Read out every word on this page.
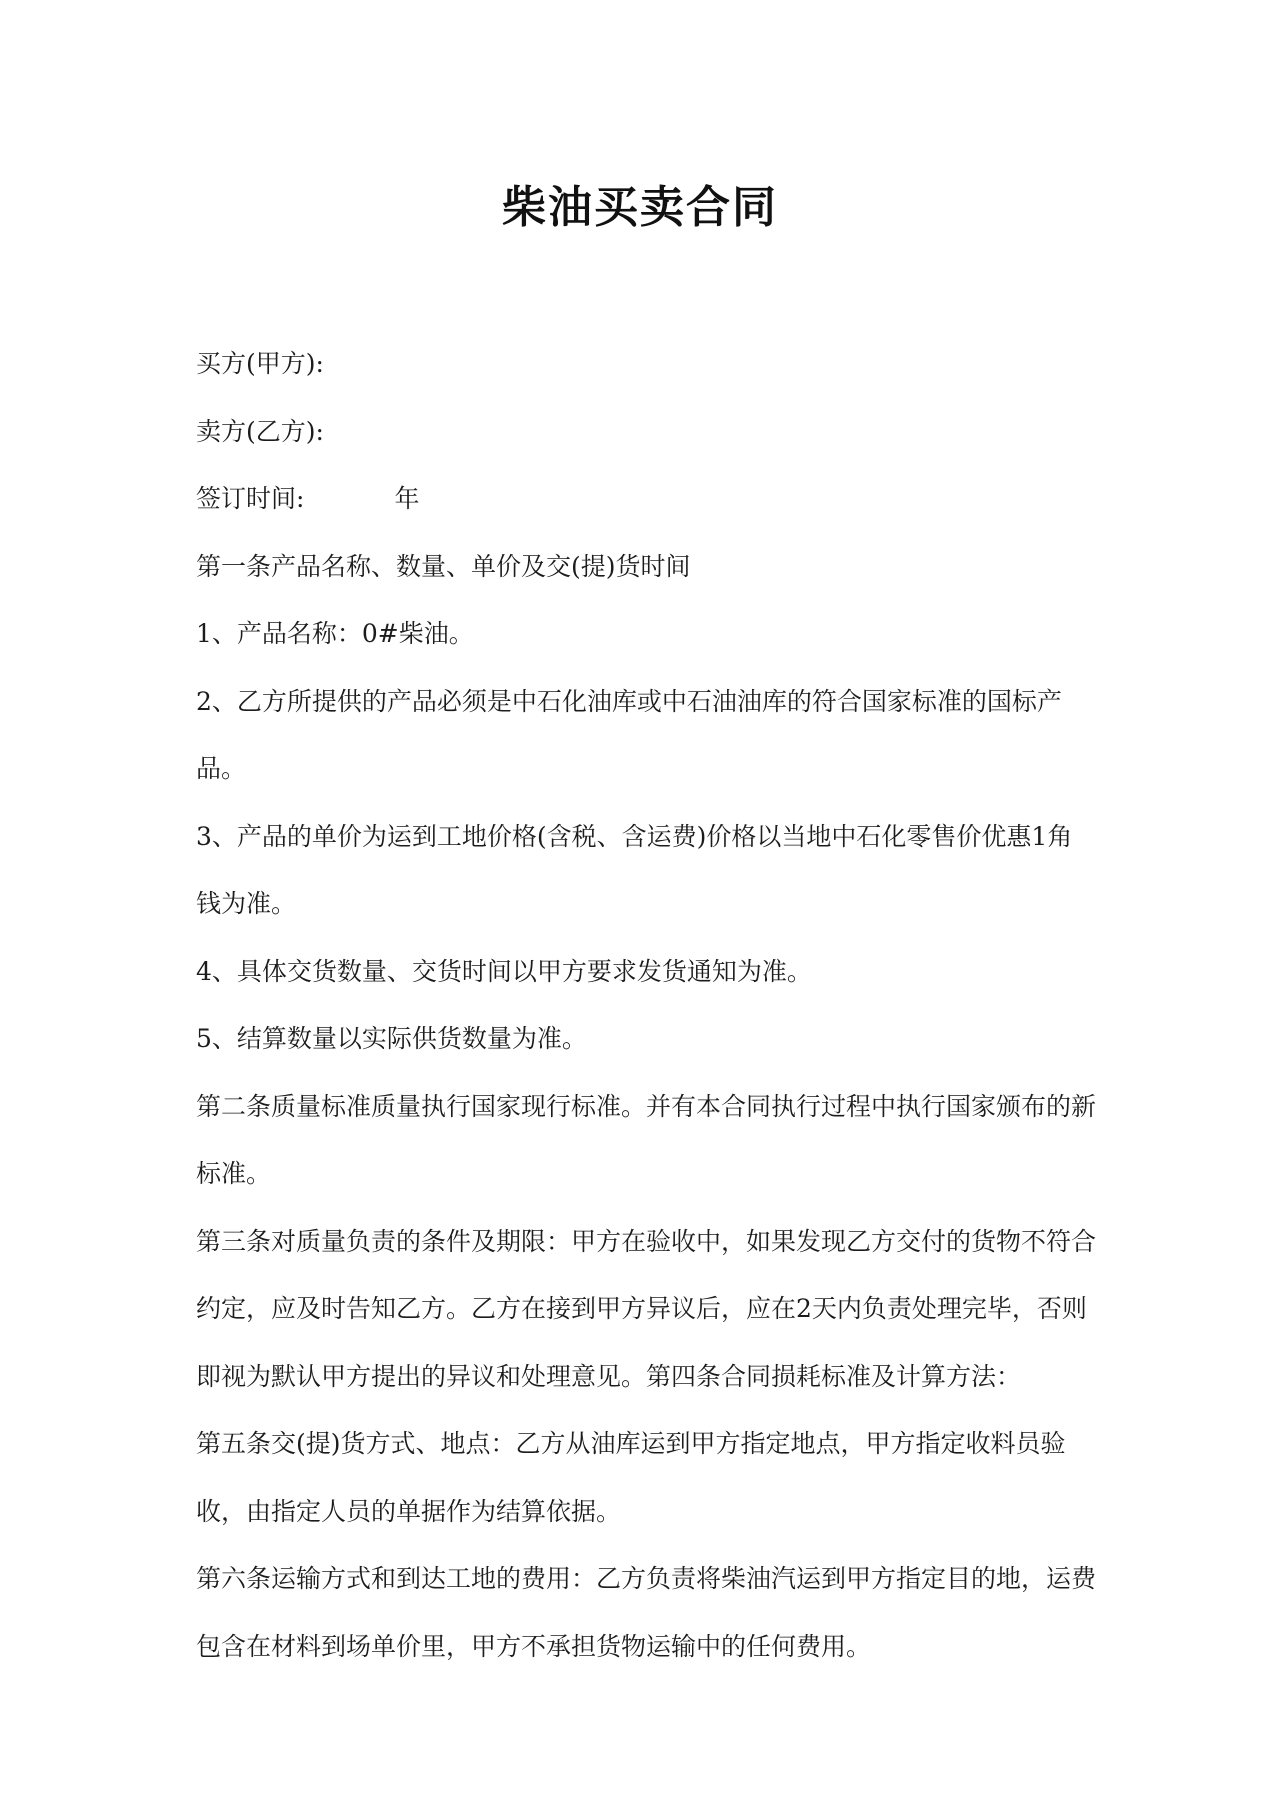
柴油买卖合同

买方(甲方):

卖方(乙方):

签订时间:	年

第一条产品名称、数量、单价及交(提)货时间

1、产品名称：0#柴油。

2、乙方所提供的产品必须是中石化油库或中石油油库的符合国家标准的国标产品。

3、产品的单价为运到工地价格(含税、含运费)价格以当地中石化零售价优惠1角钱为准。

4、具体交货数量、交货时间以甲方要求发货通知为准。

5、结算数量以实际供货数量为准。

第二条质量标准质量执行国家现行标准。并有本合同执行过程中执行国家颁布的新标准。

第三条对质量负责的条件及期限：甲方在验收中，如果发现乙方交付的货物不符合约定，应及时告知乙方。乙方在接到甲方异议后，应在2天内负责处理完毕，否则即视为默认甲方提出的异议和处理意见。第四条合同损耗标准及计算方法：

第五条交(提)货方式、地点：乙方从油库运到甲方指定地点，甲方指定收料员验收，由指定人员的单据作为结算依据。

第六条运输方式和到达工地的费用：乙方负责将柴油汽运到甲方指定目的地，运费包含在材料到场单价里，甲方不承担货物运输中的任何费用。
